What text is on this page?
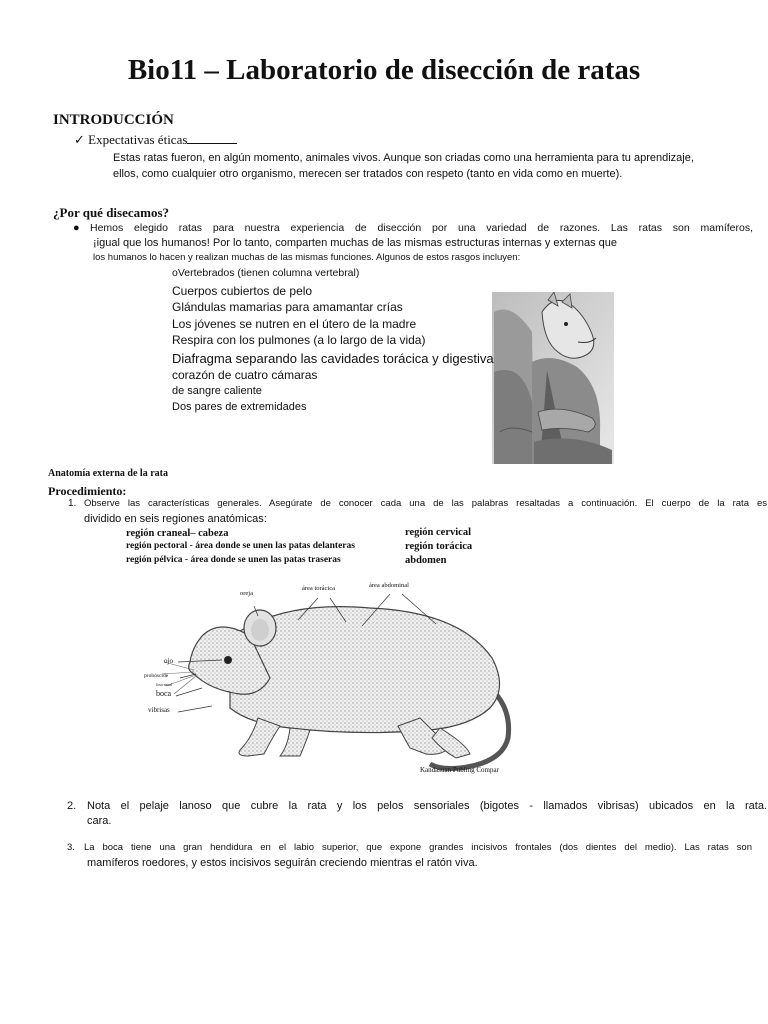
Bio11 – Laboratorio de disección de ratas
INTRODUCCIÓN
✓ Expectativas éticas
Estas ratas fueron, en algún momento, animales vivos. Aunque son criadas como una herramienta para tu aprendizaje,
ellos, como cualquier otro organismo, merecen ser tratados con respeto (tanto en vida como en muerte).
¿Por qué disecamos?
● Hemos elegido ratas para nuestra experiencia de disección por una variedad de razones. Las ratas son mamíferos,
¡igual que los humanos! Por lo tanto, comparten muchas de las mismas estructuras internas y externas que
los humanos lo hacen y realizan muchas de las mismas funciones. Algunos de estos rasgos incluyen:
oVertebrados (tienen columna vertebral)
Cuerpos cubiertos de pelo
Glándulas mamarias para amamantar crías
Los jóvenes se nutren en el útero de la madre
Respira con los pulmones (a lo largo de la vida)
Diafragma separando las cavidades torácica y digestiva
corazón de cuatro cámaras
de sangre caliente
Dos pares de extremidades
Anatomía externa de la rata
Procedimiento:
1. Observe las características generales. Asegúrate de conocer cada una de las palabras resaltadas a continuación. El cuerpo de la rata es
dividido en seis regiones anatómicas:
región craneal– cabeza
región pectoral - área donde se unen las patas delanteras
región pélvica - área donde se unen las patas traseras
región cervical
región torácica
abdomen
oreja
área torácica	área abdominal
ojo
probóscide
fosa nasal
boca
vibrisas
Kandasuan Publing Compar
2. Nota el pelaje lanoso que cubre la rata y los pelos sensoriales (bigotes - llamados vibrisas) ubicados en la rata.
cara.
3. La boca tiene una gran hendidura en el labio superior, que expone grandes incisivos frontales (dos dientes del medio). Las ratas son
mamíferos roedores, y estos incisivos seguirán creciendo mientras el ratón viva.
